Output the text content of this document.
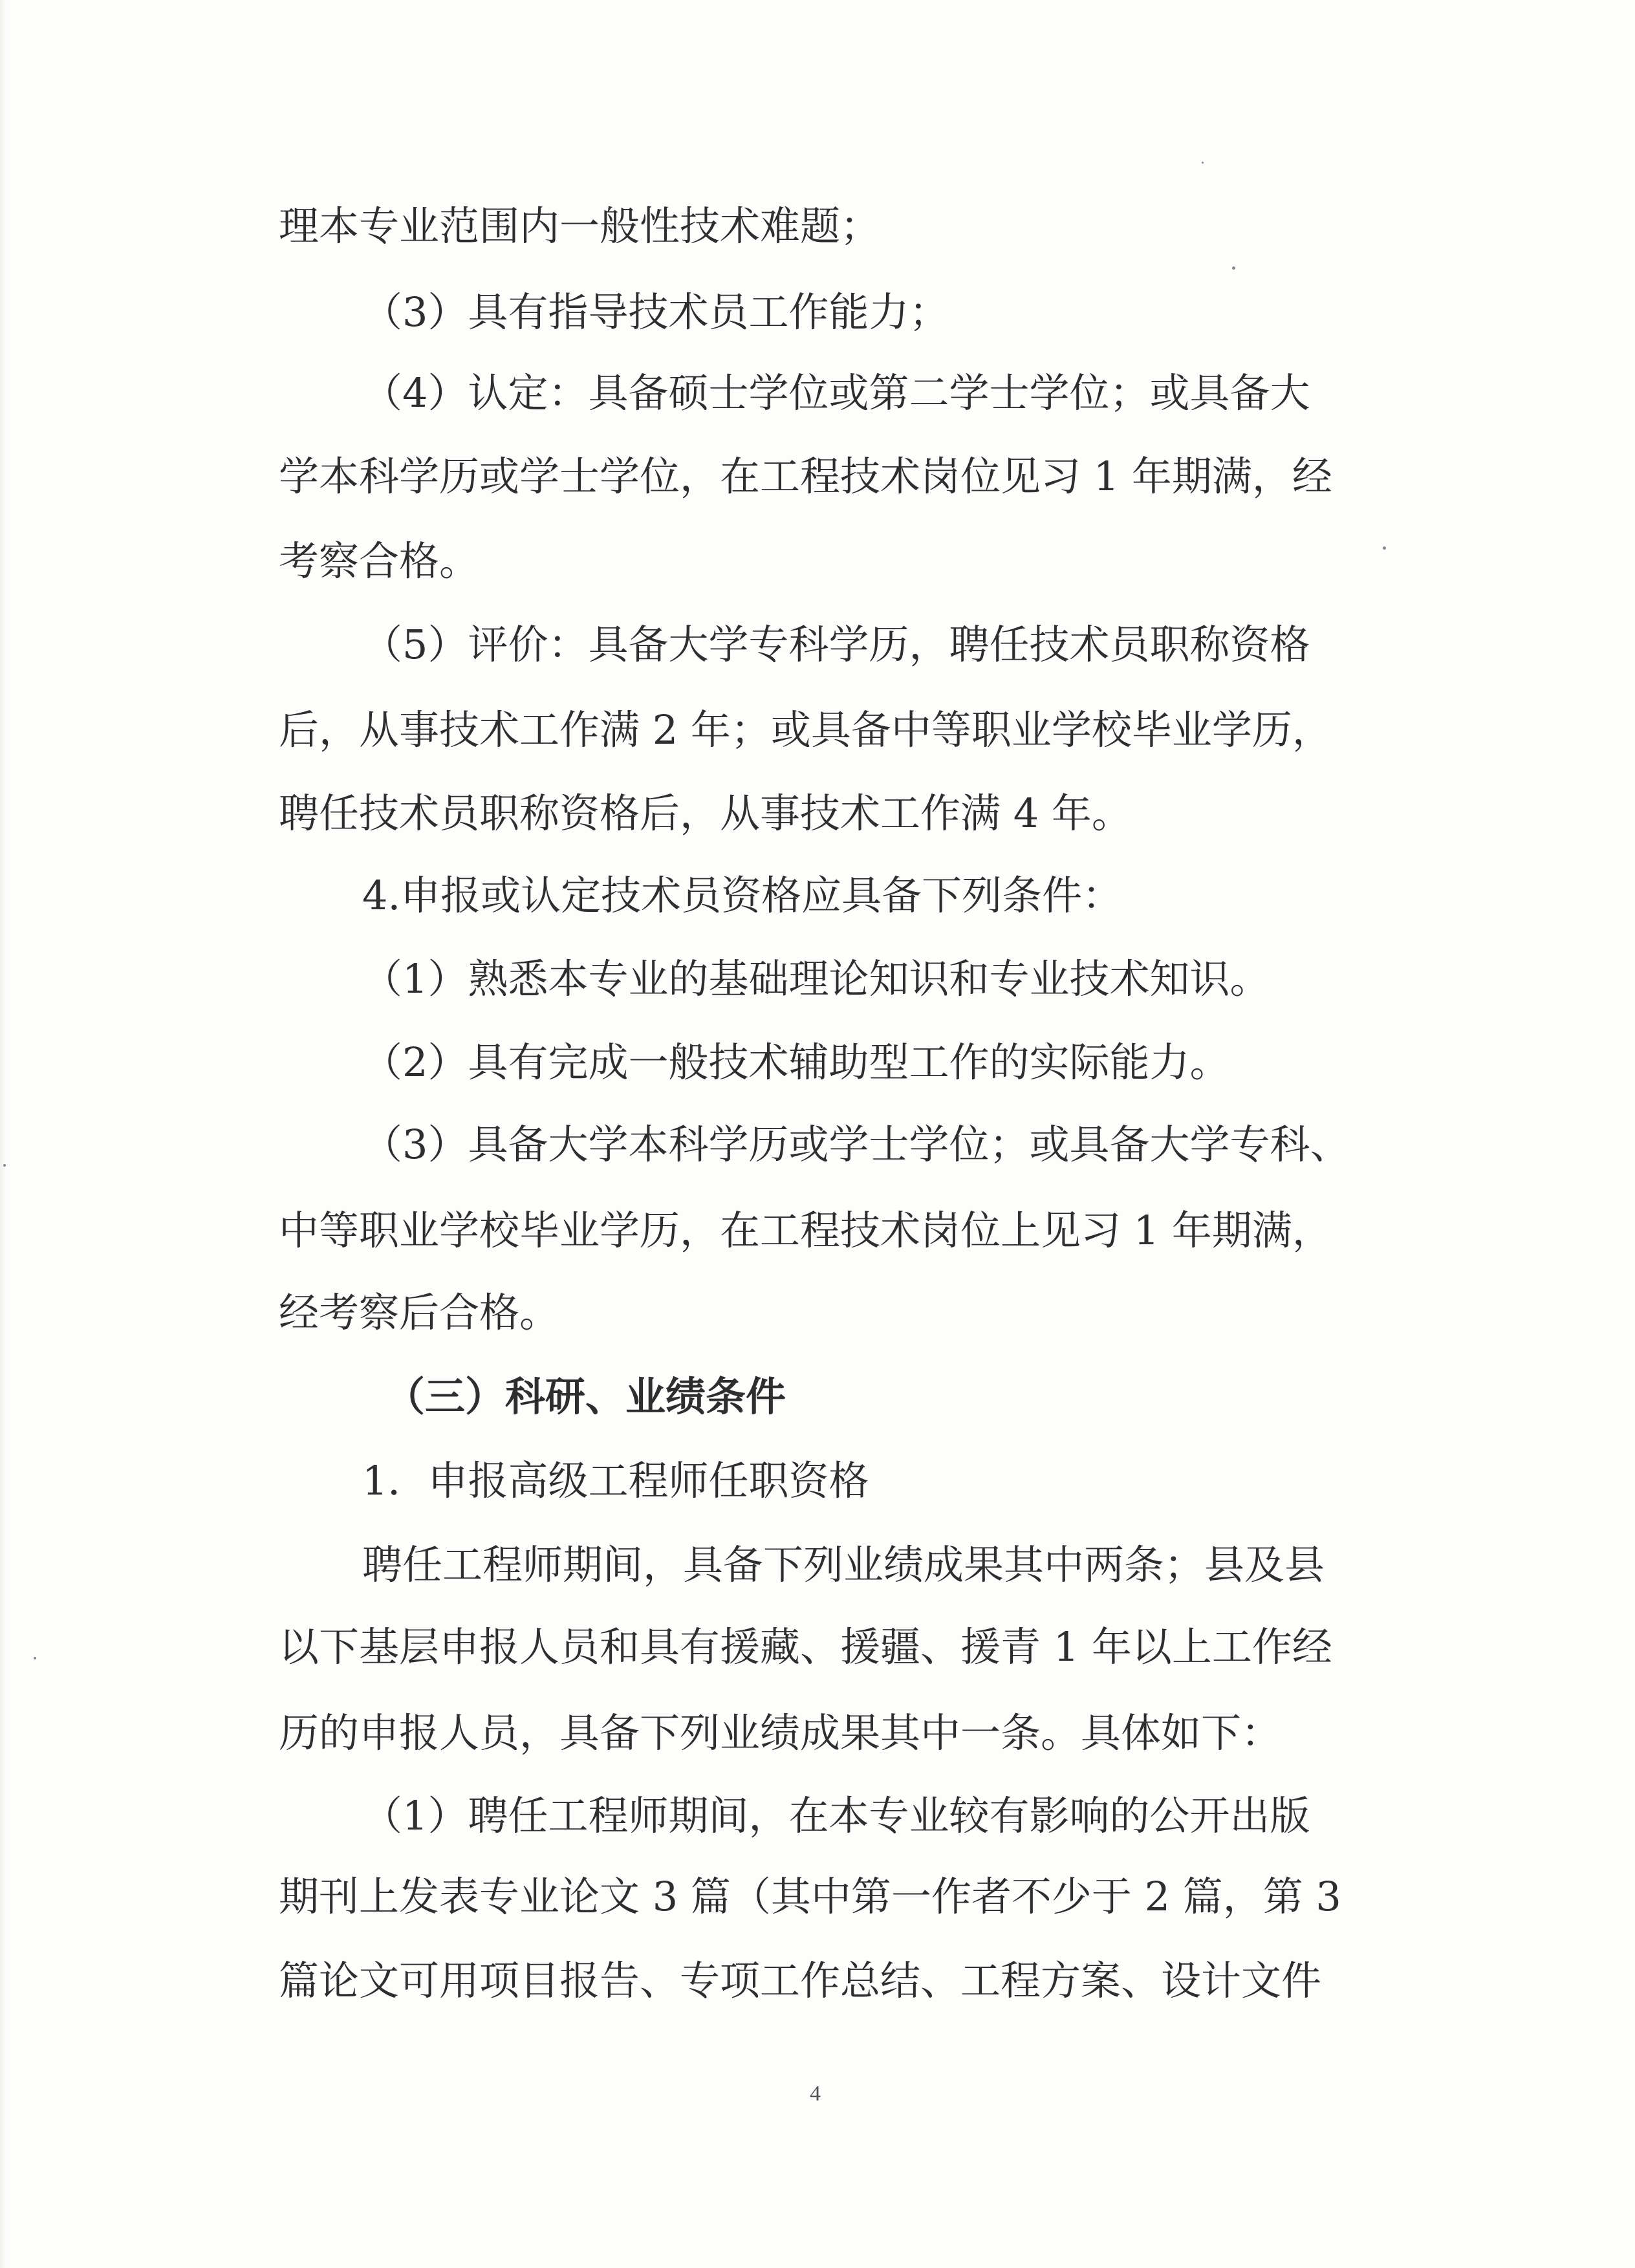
理本专业范围内一般性技术难题；
（3）具有指导技术员工作能力；
（4）认定：具备硕士学位或第二学士学位；或具备大
学本科学历或学士学位，在工程技术岗位见习 1 年期满，经
考察合格。
（5）评价：具备大学专科学历，聘任技术员职称资格
后，从事技术工作满 2 年；或具备中等职业学校毕业学历，
聘任技术员职称资格后，从事技术工作满 4 年。
4.申报或认定技术员资格应具备下列条件：
（1）熟悉本专业的基础理论知识和专业技术知识。
（2）具有完成一般技术辅助型工作的实际能力。
（3）具备大学本科学历或学士学位；或具备大学专科、
中等职业学校毕业学历，在工程技术岗位上见习 1 年期满，
经考察后合格。
（三）科研、业绩条件
1．申报高级工程师任职资格
聘任工程师期间，具备下列业绩成果其中两条；县及县
以下基层申报人员和具有援藏、援疆、援青 1 年以上工作经
历的申报人员，具备下列业绩成果其中一条。具体如下：
（1）聘任工程师期间，在本专业较有影响的公开出版
期刊上发表专业论文 3 篇（其中第一作者不少于 2 篇，第 3
篇论文可用项目报告、专项工作总结、工程方案、设计文件
4
